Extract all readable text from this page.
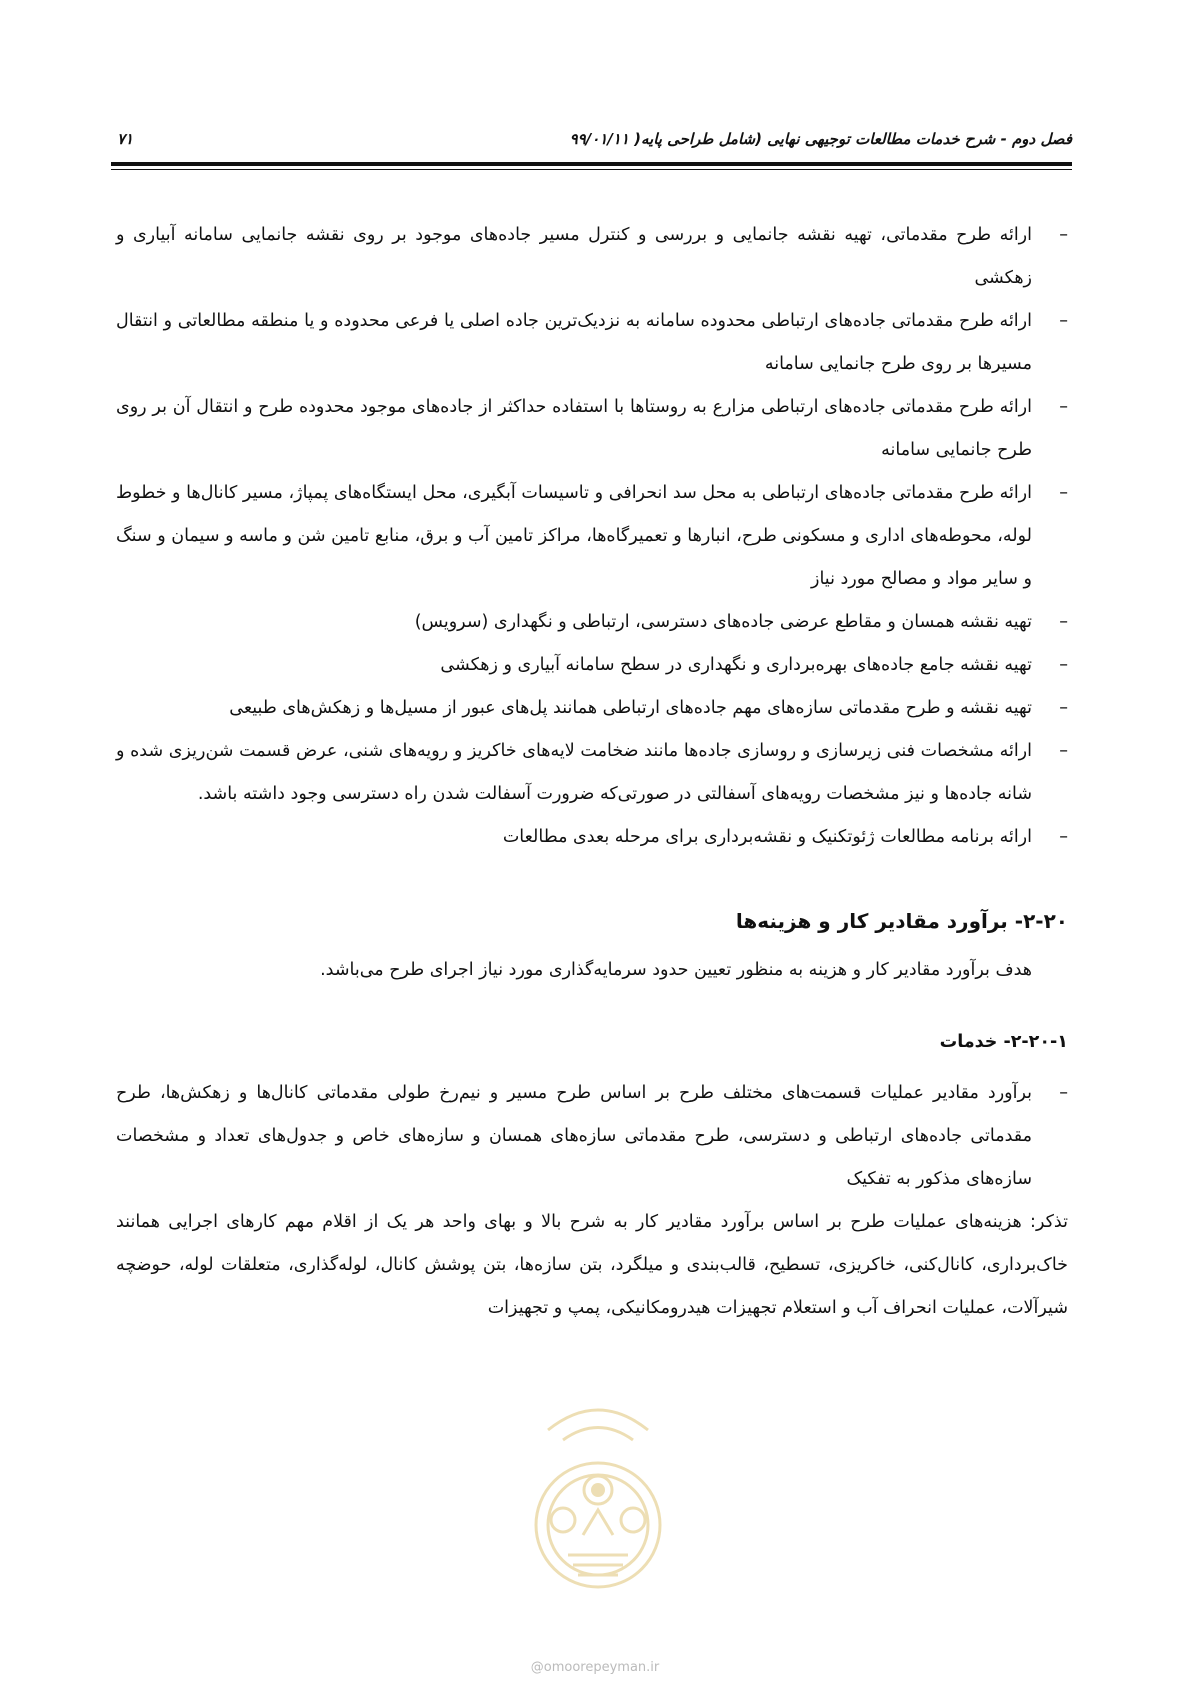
فصل دوم - شرح خدمات مطالعات توجیهی نهایی (شامل طراحی پایه( ۹۹/۰۱/۱۱
۷۱
–
ارائه طرح مقدماتی، تهیه نقشه جانمایی و بررسی و کنترل مسیر جاده‌های موجود بر روی نقشه جانمایی سامانه آبیاری و زهکشی
–
ارائه طرح مقدماتی جاده‌های ارتباطی محدوده سامانه به نزدیک‌ترین جاده اصلی یا فرعی محدوده و یا منطقه مطالعاتی و انتقال مسیرها بر روی طرح جانمایی سامانه
–
ارائه طرح مقدماتی جاده‌های ارتباطی مزارع به روستاها با استفاده حداکثر از جاده‌های موجود محدوده طرح و انتقال آن بر روی طرح جانمایی سامانه
–
ارائه طرح مقدماتی جاده‌های ارتباطی به محل سد انحرافی و تاسیسات آبگیری، محل ایستگاه‌های پمپاژ، مسیر کانال‌ها و خطوط لوله، محوطه‌های اداری و مسکونی طرح، انبارها و تعمیرگاه‌ها، مراکز تامین آب و برق، منابع تامین شن و ماسه و سیمان و سنگ و سایر مواد و مصالح مورد نیاز
–
تهیه نقشه همسان و مقاطع عرضی جاده‌های دسترسی، ارتباطی و نگهداری (سرویس)
–
تهیه نقشه جامع جاده‌های بهره‌برداری و نگهداری در سطح سامانه آبیاری و زهکشی
–
تهیه نقشه و طرح مقدماتی سازه‌های مهم جاده‌های ارتباطی همانند پل‌های عبور از مسیل‌ها و زهکش‌های طبیعی
–
ارائه مشخصات فنی زیرسازی و روسازی جاده‌ها مانند ضخامت لایه‌های خاکریز و رویه‌های شنی، عرض قسمت شن‌ریزی شده و شانه جاده‌ها و نیز مشخصات رویه‌های آسفالتی در صورتی‌که ضرورت آسفالت شدن راه دسترسی وجود داشته باشد.
–
ارائه برنامه مطالعات ژئوتکنیک و نقشه‌برداری برای مرحله بعدی مطالعات
۲-۲۰- برآورد مقادیر کار و هزینه‌ها

هدف برآورد مقادیر کار و هزینه به منظور تعیین حدود سرمایه‌گذاری مورد نیاز اجرای طرح می‌باشد.

۲-۲۰-۱- خدمات
–
برآورد مقادیر عملیات قسمت‌های مختلف طرح بر اساس طرح مسیر و نیم‌رخ طولی مقدماتی کانال‌ها و زهکش‌ها، طرح مقدماتی جاده‌های ارتباطی و دسترسی، طرح مقدماتی سازه‌های همسان و سازه‌های خاص و جدول‌های تعداد و مشخصات سازه‌های مذکور به تفکیک

تذکر: هزینه‌های عملیات طرح بر اساس برآورد مقادیر کار به شرح بالا و بهای واحد هر یک از اقلام مهم کارهای اجرایی همانند خاک‌برداری، کانال‌کنی، خاکریزی، تسطیح، قالب‌بندی و میلگرد، بتن سازه‌ها، بتن پوشش کانال، لوله‌گذاری، متعلقات لوله، حوضچه شیرآلات، عملیات انحراف آب و استعلام تجهیزات هیدرومکانیکی، پمپ و تجهیزات

@omoorepeyman.ir
